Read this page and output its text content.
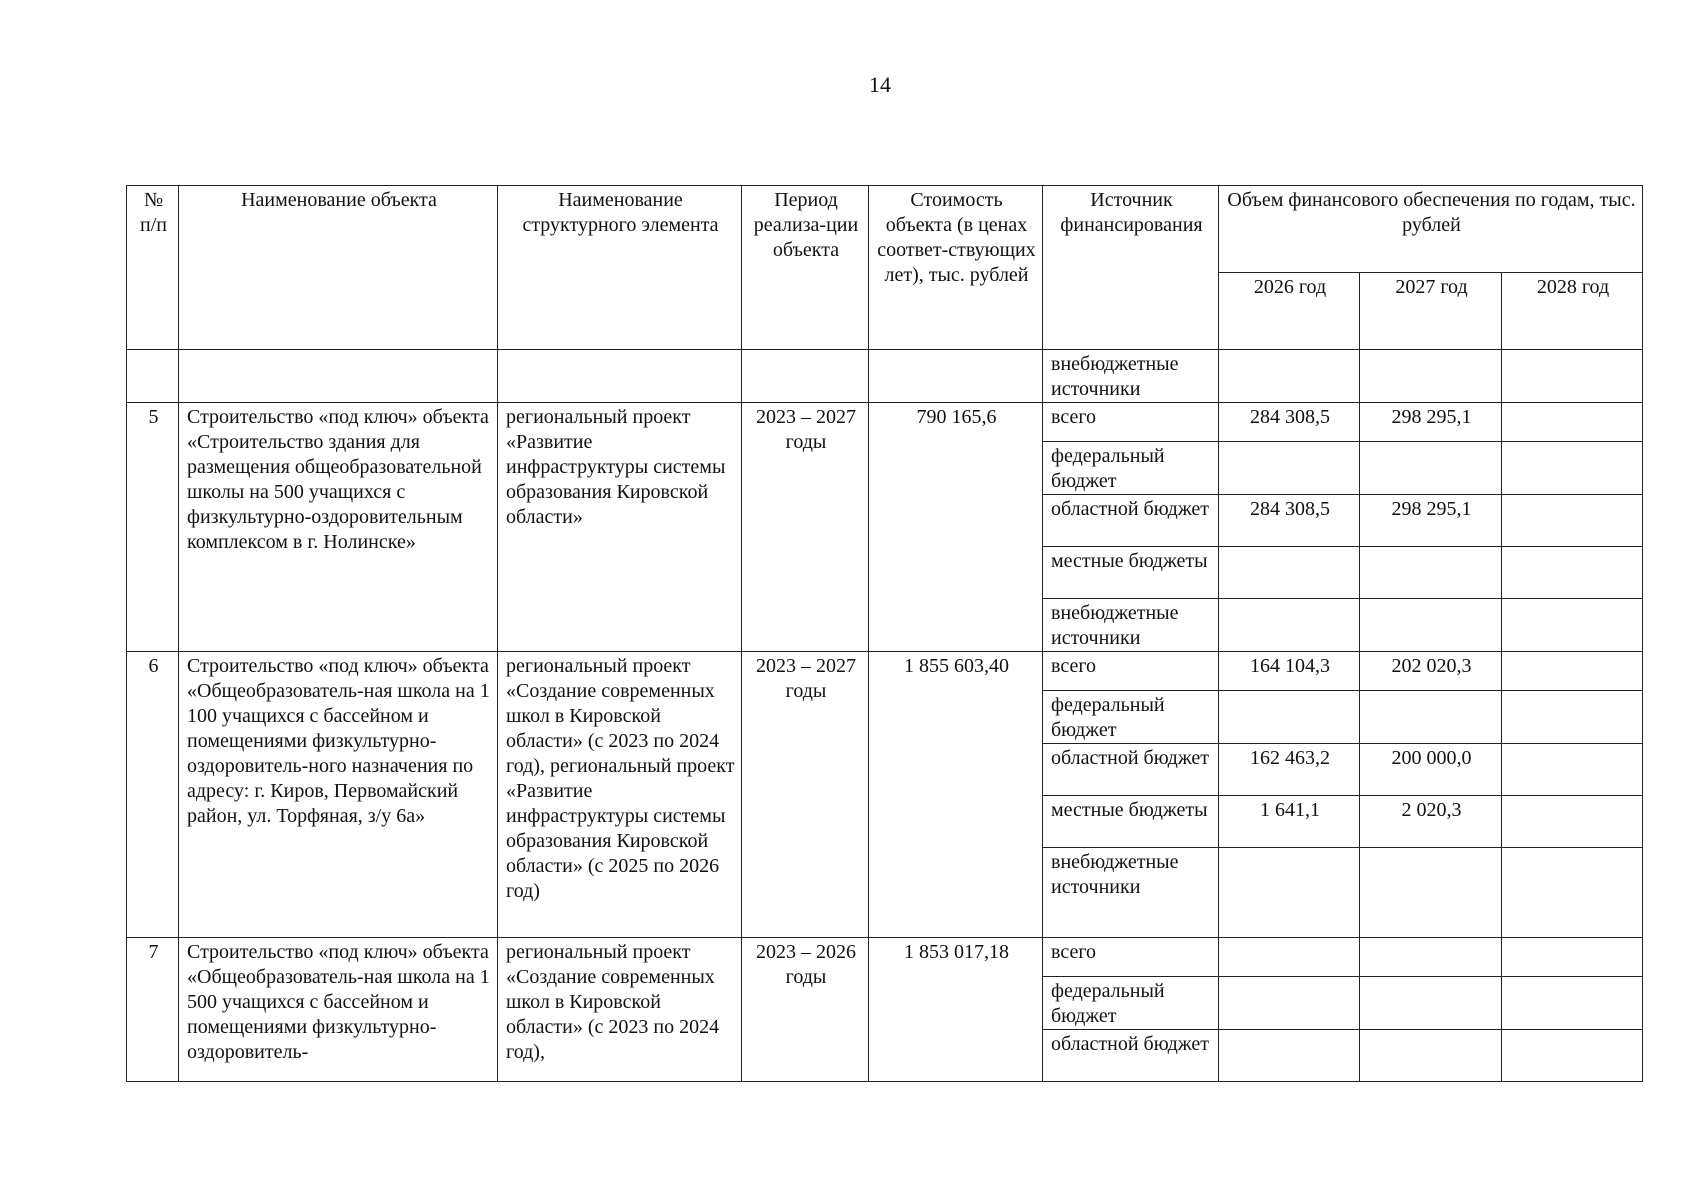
14
№ п/п	Наименование объекта	Наименование структурного элемента	Период реализа-ции объекта	Стоимость объекта (в ценах соответ-ствующих лет), тыс. рублей	Источник финансирования	Объем финансового обеспечения по годам, тыс. рублей		
						2026 год	2027 год	2028 год
					внебюджетные источники			
5	Строительство «под ключ» объекта «Строительство здания для размещения общеобразовательной школы на 500 учащихся с физкультурно-оздоровительным комплексом в г. Нолинске»	региональный проект «Развитие инфраструктуры системы образования Кировской области»	2023 – 2027 годы	790 165,6	всего	284 308,5	298 295,1	
					федеральный бюджет			
					областной бюджет	284 308,5	298 295,1	
					местные бюджеты			
					внебюджетные источники			
6	Строительство «под ключ» объекта «Общеобразователь-ная школа на 1 100 учащихся с бассейном и помещениями физкультурно-оздоровитель-ного назначения по адресу: г. Киров, Первомайский район, ул. Торфяная, з/у 6а»	региональный проект «Создание современных школ в Кировской области» (с 2023 по 2024 год), региональный проект «Развитие инфраструктуры системы образования Кировской области» (с 2025 по 2026 год)	2023 – 2027 годы	1 855 603,40	всего	164 104,3	202 020,3	
					федеральный бюджет			
					областной бюджет	162 463,2	200 000,0	
					местные бюджеты	1 641,1	2 020,3	
					внебюджетные источники			
7	Строительство «под ключ» объекта «Общеобразователь-ная школа на 1 500 учащихся с бассейном и помещениями физкультурно-оздоровитель-	региональный проект «Создание современных школ в Кировской области» (с 2023 по 2024 год),	2023 – 2026 годы	1 853 017,18	всего			
					федеральный бюджет			
					областной бюджет			
